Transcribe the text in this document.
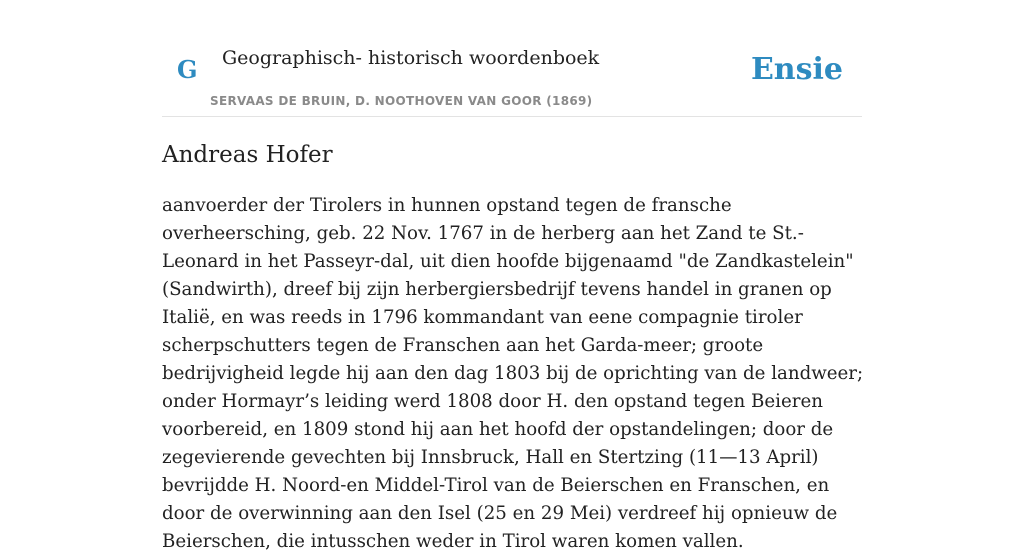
G Geographisch- historisch woordenboek
SERVAAS DE BRUIN, D. NOOTHOVEN VAN GOOR (1869)
Ensie
Andreas Hofer

aanvoerder der Tirolers in hunnen opstand tegen de fransche overheersching, geb. 22 Nov. 1767 in de herberg aan het Zand te St.-Leonard in het Passeyr-dal, uit dien hoofde bijgenaamd "de Zandkastelein" (Sandwirth), dreef bij zijn herbergiersbedrijf tevens handel in granen op Italië, en was reeds in 1796 kommandant van eene compagnie tiroler scherpschutters tegen de Franschen aan het Garda-meer; groote bedrijvigheid legde hij aan den dag 1803 bij de oprichting van de landweer; onder Hormayr’s leiding werd 1808 door H. den opstand tegen Beieren voorbereid, en 1809 stond hij aan het hoofd der opstandelingen; door de zegevierende gevechten bij Innsbruck, Hall en Stertzing (11—13 April) bevrijdde H. Noord-en Middel-Tirol van de Beierschen en Franschen, en door de overwinning aan den Isel (25 en 29 Mei) verdreef hij opnieuw de Beierschen, die intusschen weder in Tirol waren komen vallen.
